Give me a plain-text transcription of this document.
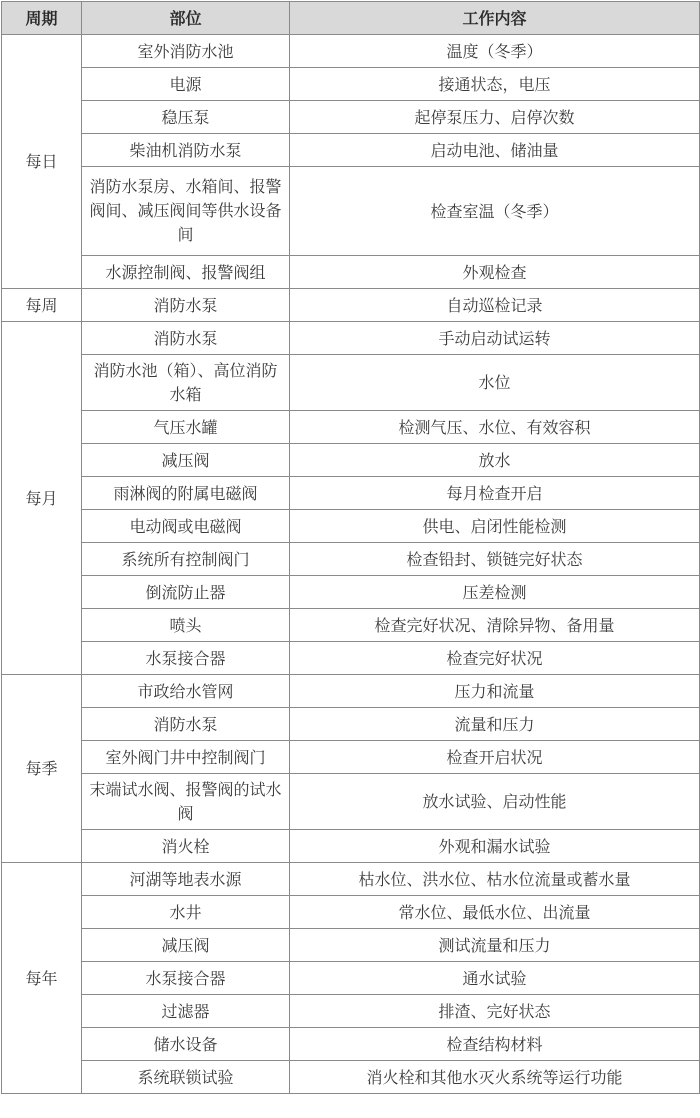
周期	部位	工作内容
每日	室外消防水池	温度（冬季）
	电源	接通状态，电压
	稳压泵	起停泵压力、启停次数
	柴油机消防水泵	启动电池、储油量
	消防水泵房、水箱间、报警阀间、减压阀间等供水设备间	检查室温（冬季）
	水源控制阀、报警阀组	外观检查
每周	消防水泵	自动巡检记录
每月	消防水泵	手动启动试运转
	消防水池（箱）、高位消防水箱	水位
	气压水罐	检测气压、水位、有效容积
	减压阀	放水
	雨淋阀的附属电磁阀	每月检查开启
	电动阀或电磁阀	供电、启闭性能检测
	系统所有控制阀门	检查铅封、锁链完好状态
	倒流防止器	压差检测
	喷头	检查完好状况、清除异物、备用量
	水泵接合器	检查完好状况
每季	市政给水管网	压力和流量
	消防水泵	流量和压力
	室外阀门井中控制阀门	检查开启状况
	末端试水阀、报警阀的试水阀	放水试验、启动性能
	消火栓	外观和漏水试验
每年	河湖等地表水源	枯水位、洪水位、枯水位流量或蓄水量
	水井	常水位、最低水位、出流量
	减压阀	测试流量和压力
	水泵接合器	通水试验
	过滤器	排渣、完好状态
	储水设备	检查结构材料
	系统联锁试验	消火栓和其他水灭火系统等运行功能
